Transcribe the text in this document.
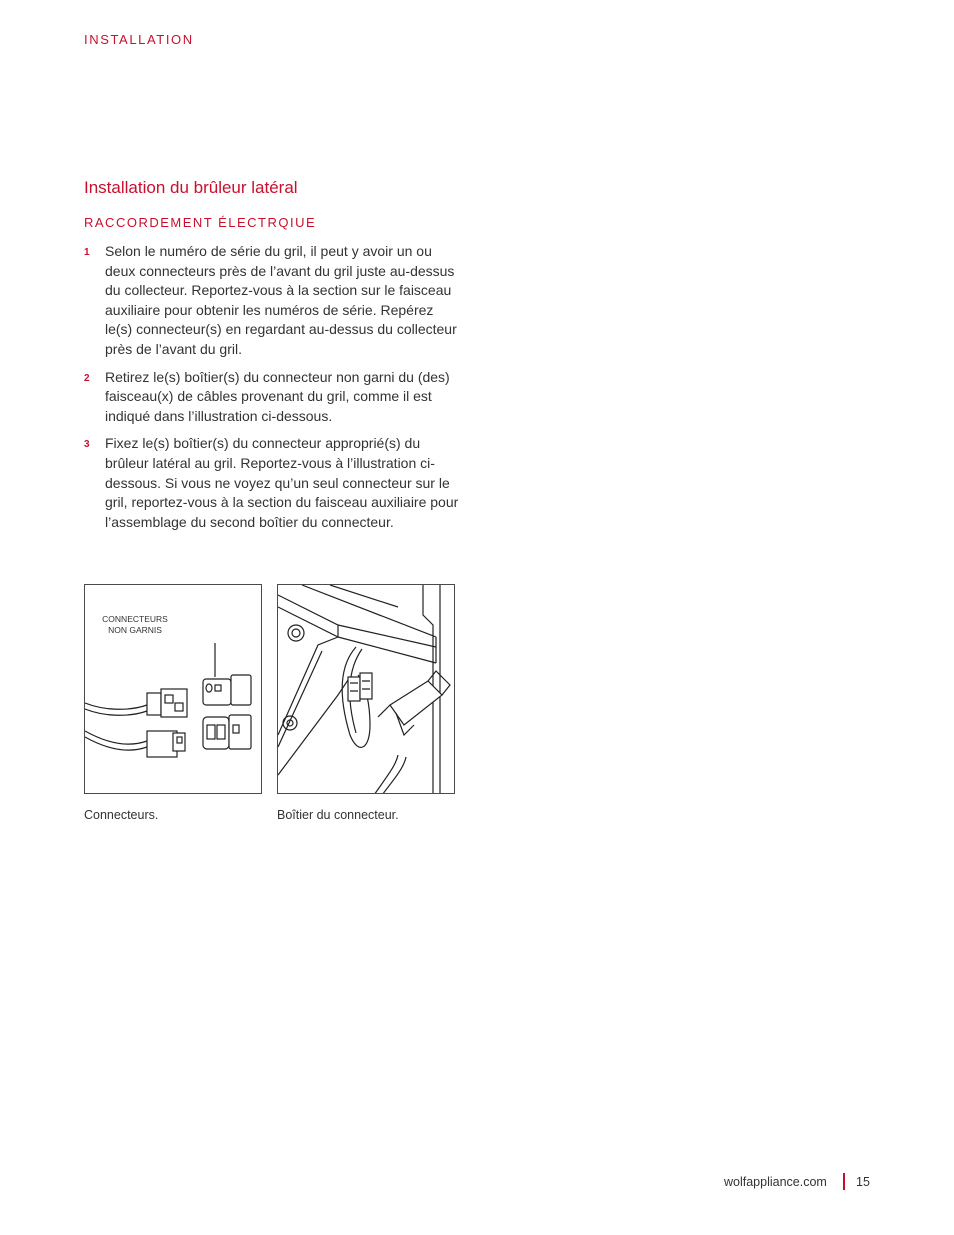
INSTALLATION
Installation du brûleur latéral
RACCORDEMENT ÉLECTRQIUE
1 Selon le numéro de série du gril, il peut y avoir un ou deux connecteurs près de l’avant du gril juste au-dessus du collecteur. Reportez-vous à la section sur le faisceau auxiliaire pour obtenir les numéros de série. Repérez le(s) connecteur(s) en regardant au-dessus du collecteur près de l’avant du gril.
2 Retirez le(s) boîtier(s) du connecteur non garni du (des) faisceau(x) de câbles provenant du gril, comme il est indiqué dans l’illustration ci-dessous.
3 Fixez le(s) boîtier(s) du connecteur approprié(s) du brûleur latéral au gril. Reportez-vous à l’illustration ci-dessous. Si vous ne voyez qu’un seul connecteur sur le gril, reportez-vous à la section du faisceau auxiliaire pour l’assemblage du second boîtier du connecteur.
CONNECTEURS NON GARNIS
Connecteurs.	Boîtier du connecteur.
wolfappliance.com 15
